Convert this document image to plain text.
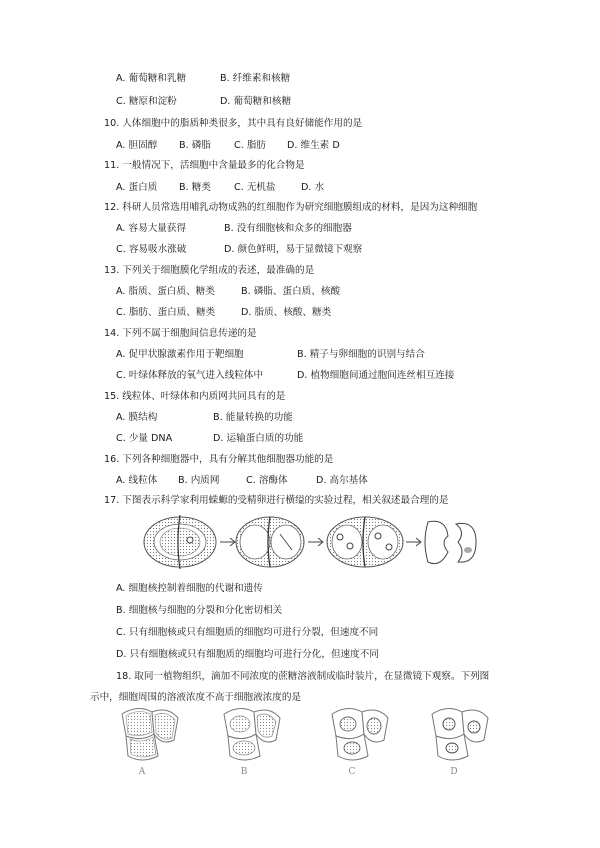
A. 葡萄糖和乳糖	B. 纤维素和核糖
C. 糖原和淀粉	D. 葡萄糖和核糖
10. 人体细胞中的脂质种类很多，其中具有良好储能作用的是
A. 胆固醇 B. 磷脂 C. 脂肪 D. 维生素 D
11. 一般情况下，活细胞中含量最多的化合物是
A. 蛋白质 B. 糖类 C. 无机盐	D. 水
12. 科研人员常选用哺乳动物成熟的红细胞作为研究细胞膜组成的材料，是因为这种细胞
A. 容易大量获得	B. 没有细胞核和众多的细胞器
C. 容易吸水涨破	D. 颜色鲜明，易于显微镜下观察
13. 下列关于细胞膜化学组成的表述，最准确的是
A. 脂质、蛋白质、糖类	B. 磷脂、蛋白质、核酸
C. 脂肪、蛋白质、糖类	D. 脂质、核酸、糖类
14. 下列不属于细胞间信息传递的是
A. 促甲状腺激素作用于靶细胞	B. 精子与卵细胞的识别与结合
C. 叶绿体释放的氧气进入线粒体中	D. 植物细胞间通过胞间连丝相互连接
15. 线粒体、叶绿体和内质网共同具有的是
A. 膜结构	B. 能量转换的功能
C. 少量 DNA	D. 运输蛋白质的功能
16. 下列各种细胞器中，具有分解其他细胞器功能的是
A. 线粒体 B. 内质网	C. 溶酶体	D. 高尔基体
17. 下图表示科学家利用蝾螈的受精卵进行横缢的实验过程，相关叙述最合理的是
A. 细胞核控制着细胞的代谢和遗传
B. 细胞核与细胞的分裂和分化密切相关
C. 只有细胞核或只有细胞质的细胞均可进行分裂，但速度不同
D. 只有细胞核或只有细胞质的细胞均可进行分化，但速度不同
18. 取同一植物组织，滴加不同浓度的蔗糖溶液制成临时装片，在显微镜下观察。下列图
示中，细胞周围的溶液浓度不高于细胞液浓度的是
A	B	C	D
